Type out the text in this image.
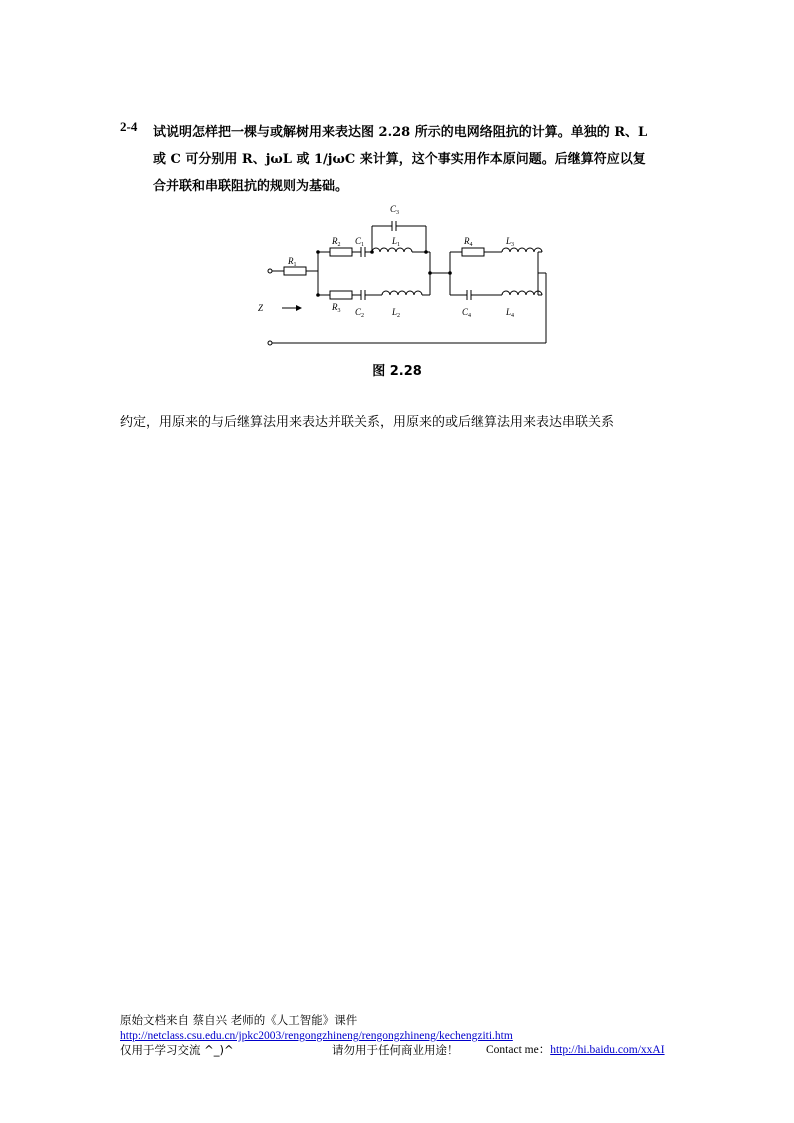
2-4 试说明怎样把一棵与或解树用来表达图 2.28 所示的电网络阻抗的计算。单独的 R、L
或 C 可分别用 R、jωL 或 1/jωC 来计算，这个事实用作本原问题。后继算符应以复
合并联和串联阻抗的规则为基础。
$R_1$
$R_2$ $C_1$	$L_1$
$C_3$
$R_3$ $C_2$	$L_2$
$R_4$	$L_3$
$C_4$	$L_4$
Z
图 2.28
约定，用原来的与后继算法用来表达并联关系，用原来的或后继算法用来表达串联关系
原始文档来自 蔡自兴 老师的《人工智能》课件
http://netclass.csu.edu.cn/jpkc2003/rengongzhineng/rengongzhineng/kechengziti.htm
仅用于学习交流 ^_)^	请勿用于任何商业用途！ Contact me：http://hi.baidu.com/xxAI
